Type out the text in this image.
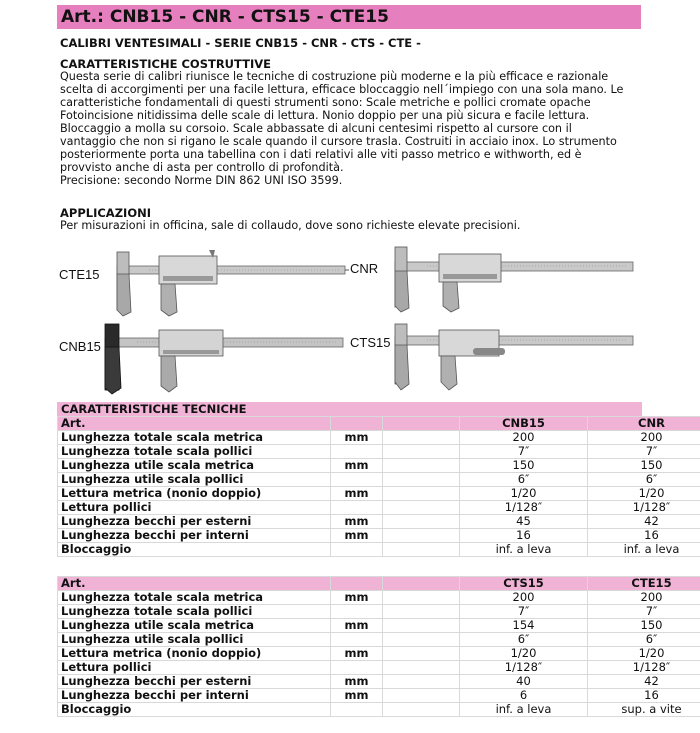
Art.: CNB15 - CNR - CTS15 - CTE15
CALIBRI VENTESIMALI - SERIE CNB15 - CNR - CTS - CTE -
CARATTERISTICHE COSTRUTTIVE
Questa serie di calibri riunisce le tecniche di costruzione più moderne e la più efficace e razionale
scelta di accorgimenti per una facile lettura, efficace bloccaggio nell´impiego con una sola mano. Le
caratteristiche fondamentali di questi strumenti sono: Scale metriche e pollici cromate opache
Fotoincisione nitidissima delle scale di lettura. Nonio doppio per una più sicura e facile lettura.
Bloccaggio a molla su corsoio. Scale abbassate di alcuni centesimi rispetto al cursore con il
vantaggio che non si rigano le scale quando il cursore trasla. Costruiti in acciaio inox. Lo strumento
posteriormente porta una tabellina con i dati relativi alle viti passo metrico e withworth, ed è
provvisto anche di asta per controllo di profondità.
Precisione: secondo Norme DIN 862 UNI ISO 3599.
APPLICAZIONI
Per misurazioni in officina, sale di collaudo, dove sono richieste elevate precisioni.
CTE15	CNR
CNB15	CTS15
CARATTERISTICHE TECNICHE
Art.			CNB15	CNR
Lunghezza totale scala metrica	mm		200	200
Lunghezza totale scala pollici			7″	7″
Lunghezza utile scala metrica	mm		150	150
Lunghezza utile scala pollici			6″	6″
Lettura metrica (nonio doppio)	mm		1/20	1/20
Lettura pollici			1/128″	1/128″
Lunghezza becchi per esterni	mm		45	42
Lunghezza becchi per interni	mm		16	16
Bloccaggio			inf. a leva	inf. a leva
Art.			CTS15	CTE15
Lunghezza totale scala metrica	mm		200	200
Lunghezza totale scala pollici			7″	7″
Lunghezza utile scala metrica	mm		154	150
Lunghezza utile scala pollici			6″	6″
Lettura metrica (nonio doppio)	mm		1/20	1/20
Lettura pollici			1/128″	1/128″
Lunghezza becchi per esterni	mm		40	42
Lunghezza becchi per interni	mm		6	16
Bloccaggio			inf. a leva	sup. a vite
